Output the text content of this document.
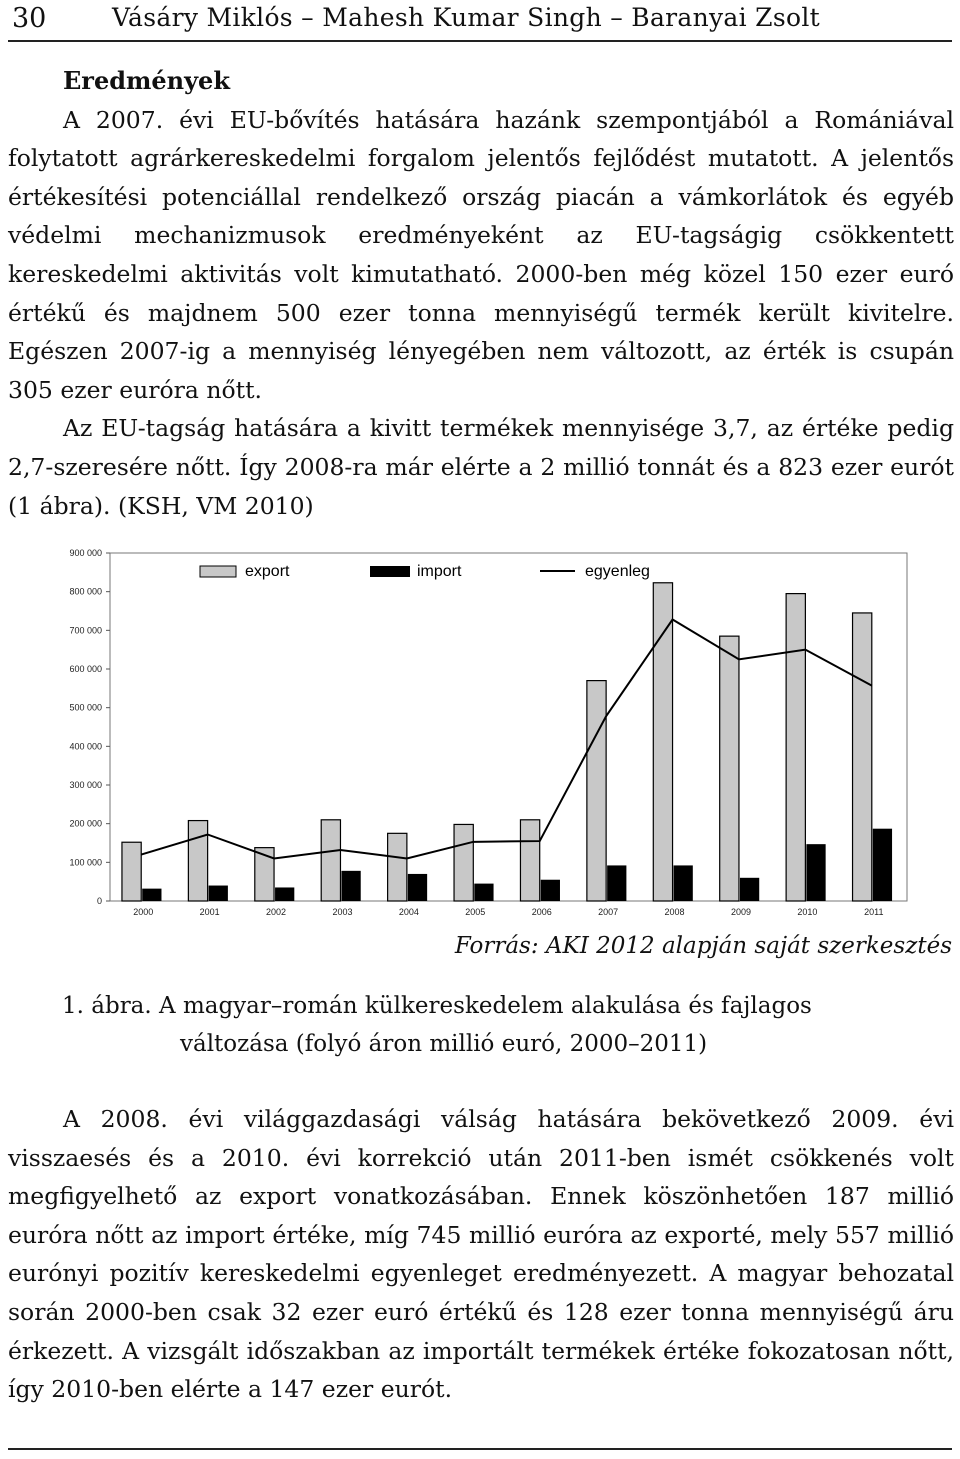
30	Vásáry Miklós – Mahesh Kumar Singh – Baranyai Zsolt

Eredmények

A 2007. évi EU-bővítés hatására hazánk szempontjából a Romániával folytatott agrárkereskedelmi forgalom jelentős fejlődést mutatott. A jelentős értékesítési potenciállal rendelkező ország piacán a vámkorlátok és egyéb védelmi mechanizmusok eredményeként az EU-tagságig csökkentett kereskedelmi aktivitás volt kimutatható. 2000-ben még közel 150 ezer euró értékű és majdnem 500 ezer tonna mennyiségű termék került kivitelre. Egészen 2007-ig a mennyiség lényegében nem változott, az érték is csupán 305 ezer euróra nőtt.

Az EU-tagság hatására a kivitt termékek mennyisége 3,7, az értéke pedig 2,7-szeresére nőtt. Így 2008-ra már elérte a 2 millió tonnát és a 823 ezer eurót (1 ábra). (KSH, VM 2010)

0
100 000
200 000
300 000
400 000
500 000
600 000
700 000
800 000
900 000
2000	2001	2002	2003	2004	2005	2006	2007	2008	2009	2010	2011
export	import	egyenleg
Forrás: AKI 2012 alapján saját szerkesztés
1. ábra. A magyar–román külkereskedelem alakulása és fajlagos
változása (folyó áron millió euró, 2000–2011)

A 2008. évi világgazdasági válság hatására bekövetkező 2009. évi visszaesés és a 2010. évi korrekció után 2011-ben ismét csökkenés volt megfigyelhető az export vonatkozásában. Ennek köszönhetően 187 millió euróra nőtt az import értéke, míg 745 millió euróra az exporté, mely 557 millió eurónyi pozitív kereskedelmi egyenleget eredményezett. A magyar behozatal során 2000-ben csak 32 ezer euró értékű és 128 ezer tonna mennyiségű áru érkezett. A vizsgált időszakban az importált termékek értéke fokozatosan nőtt, így 2010-ben elérte a 147 ezer eurót.
